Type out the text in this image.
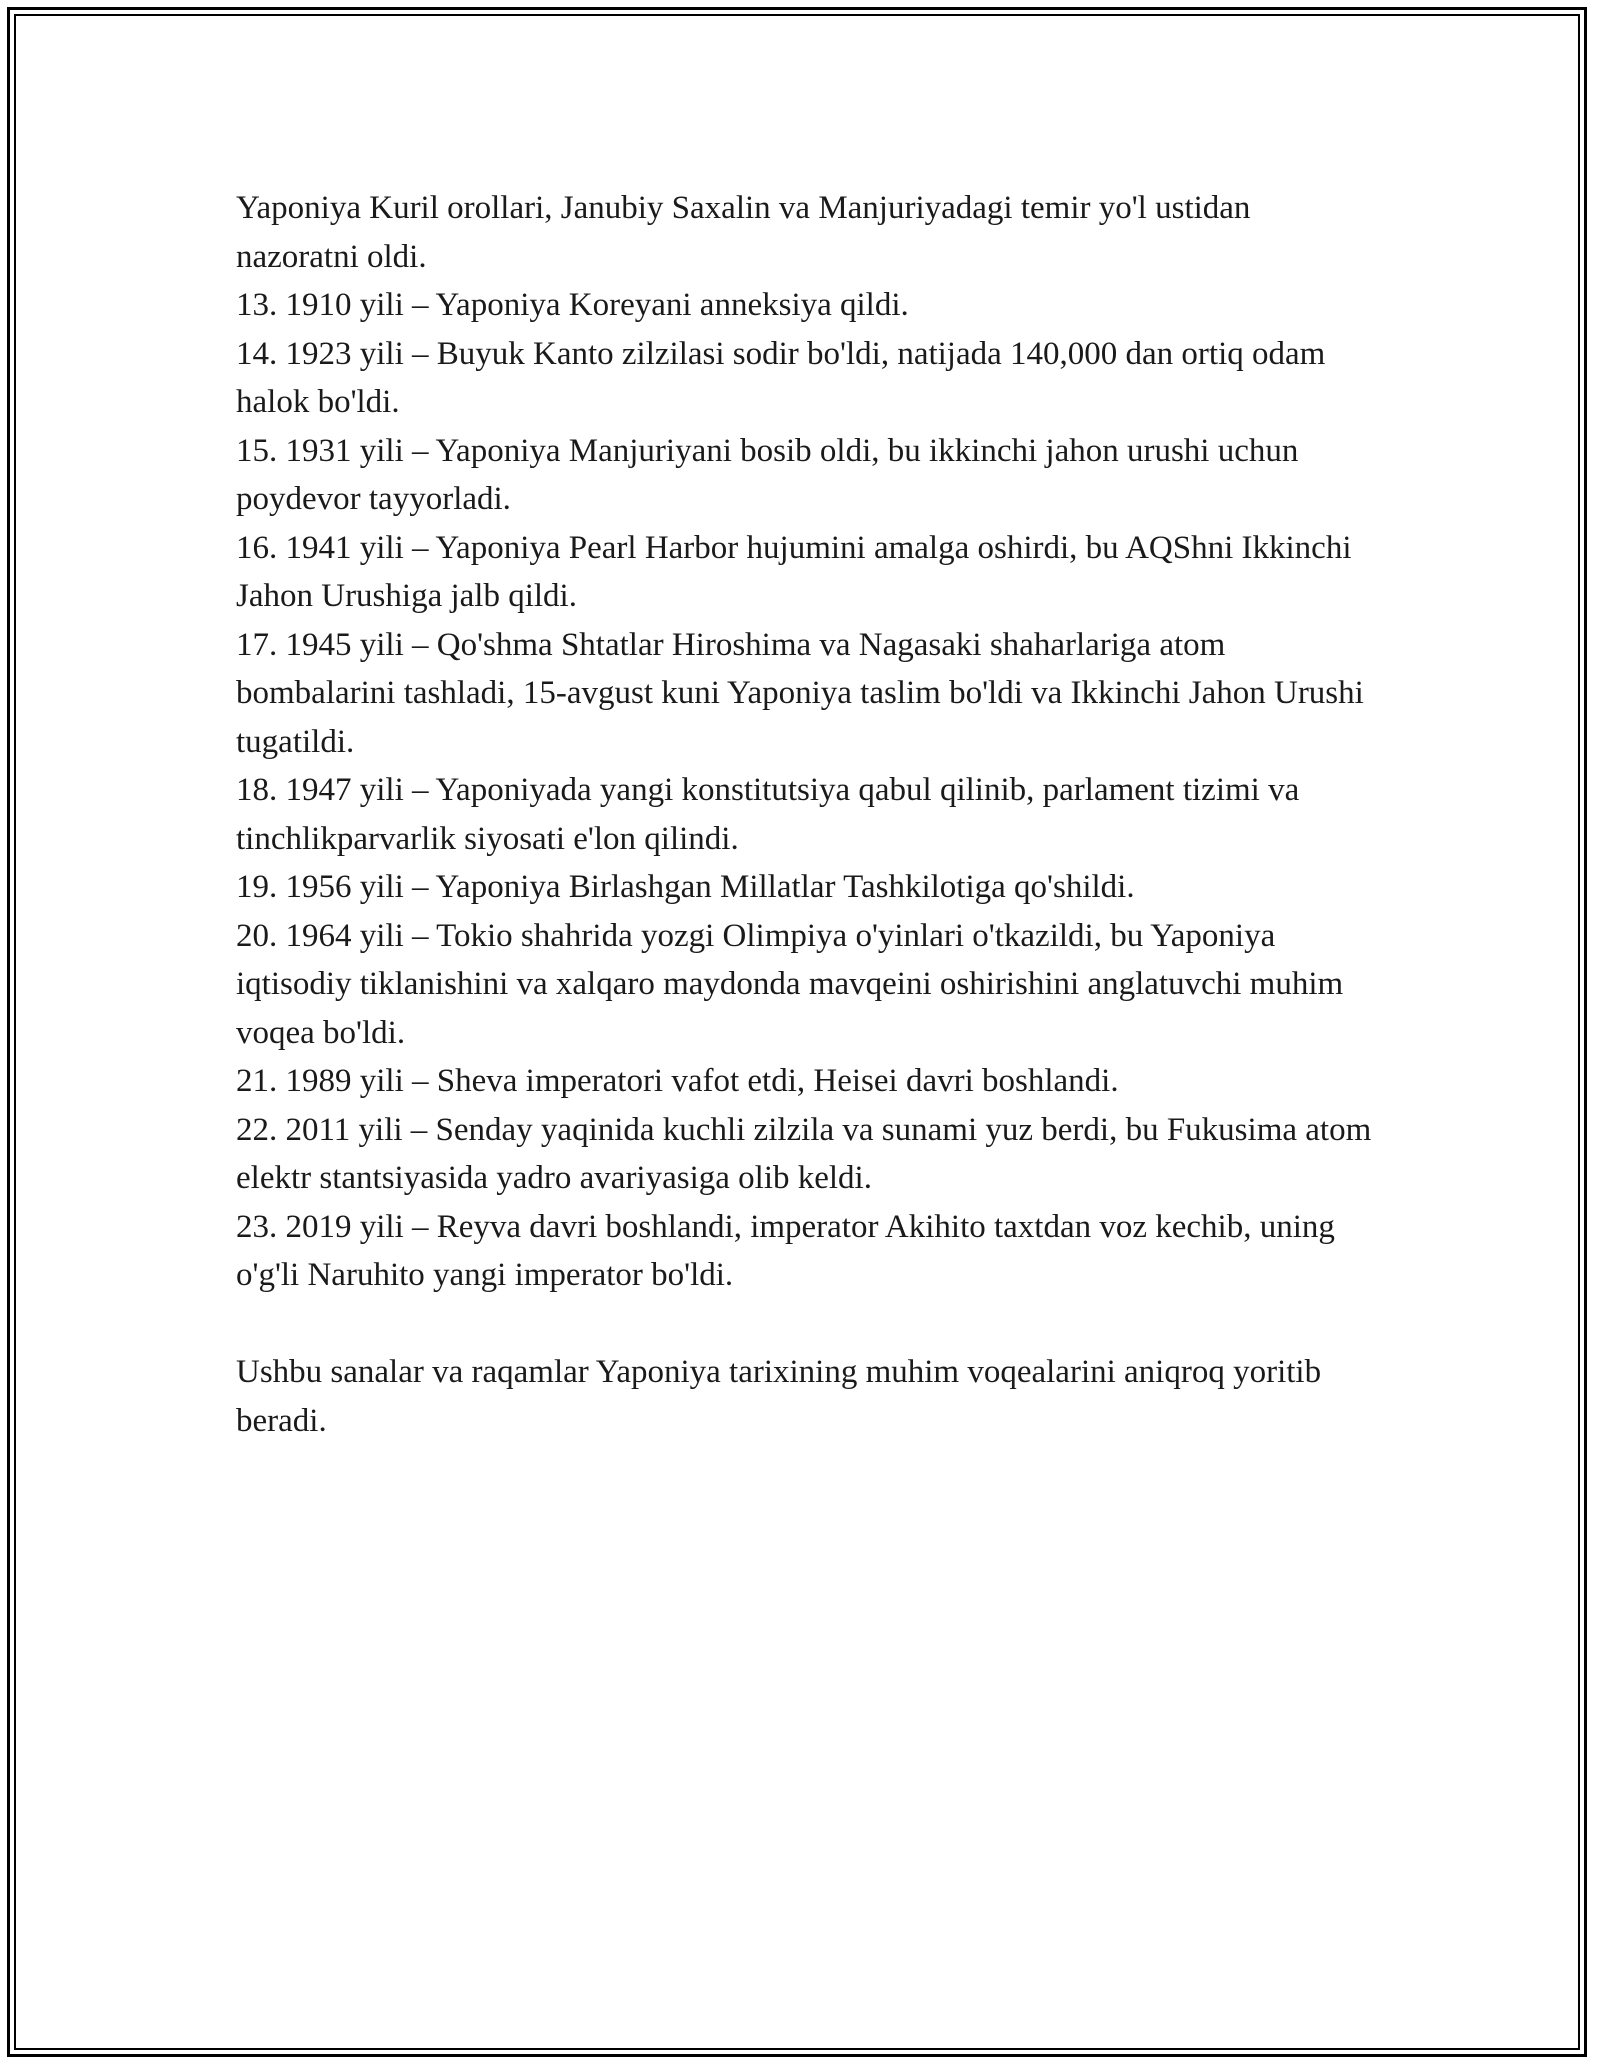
Yaponiya Kuril orollari, Janubiy Saxalin va Manjuriyadagi temir yo'l ustidan nazoratni oldi.

13. 1910 yili – Yaponiya Koreyani anneksiya qildi.

14. 1923 yili – Buyuk Kanto zilzilasi sodir bo'ldi, natijada 140,000 dan ortiq odam halok bo'ldi.

15. 1931 yili – Yaponiya Manjuriyani bosib oldi, bu ikkinchi jahon urushi uchun poydevor tayyorladi.

16. 1941 yili – Yaponiya Pearl Harbor hujumini amalga oshirdi, bu AQShni Ikkinchi Jahon Urushiga jalb qildi.

17. 1945 yili – Qo'shma Shtatlar Hiroshima va Nagasaki shaharlariga atom bombalarini tashladi, 15-avgust kuni Yaponiya taslim bo'ldi va Ikkinchi Jahon Urushi tugatildi.

18. 1947 yili – Yaponiyada yangi konstitutsiya qabul qilinib, parlament tizimi va tinchlikparvarlik siyosati e'lon qilindi.

19. 1956 yili – Yaponiya Birlashgan Millatlar Tashkilotiga qo'shildi.

20. 1964 yili – Tokio shahrida yozgi Olimpiya o'yinlari o'tkazildi, bu Yaponiya iqtisodiy tiklanishini va xalqaro maydonda mavqeini oshirishini anglatuvchi muhim voqea bo'ldi.

21. 1989 yili – Sheva imperatori vafot etdi, Heisei davri boshlandi.

22. 2011 yili – Senday yaqinida kuchli zilzila va sunami yuz berdi, bu Fukusima atom elektr stantsiyasida yadro avariyasiga olib keldi.

23. 2019 yili – Reyva davri boshlandi, imperator Akihito taxtdan voz kechib, uning o'g'li Naruhito yangi imperator bo'ldi.

Ushbu sanalar va raqamlar Yaponiya tarixining muhim voqealarini aniqroq yoritib beradi.
